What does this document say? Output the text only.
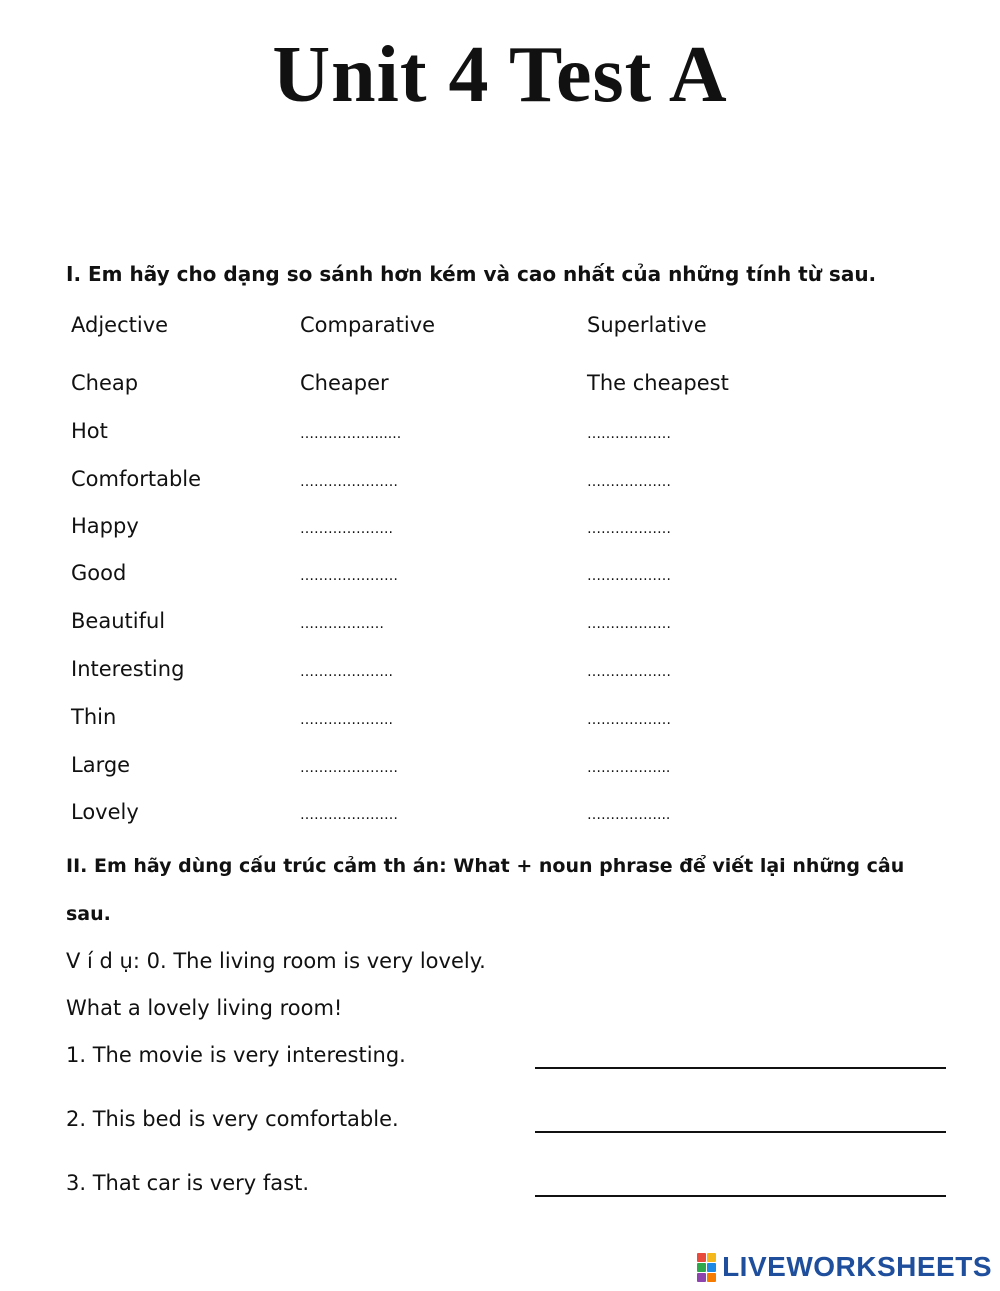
Unit 4 Test A
I. Em hãy cho dạng so sánh hơn kém và cao nhất của những tính từ sau.
Adjective	Comparative	Superlative
Cheap	Cheaper	The cheapest
Hot	…………….......	………………
Comfortable	…………………	………………
Happy	………………..	………………
Good	…………………	………………
Beautiful	………………	………………
Interesting	………………..	………………
Thin	………………..	………………
Large	…………………	……………...
Lovely	…………………	……………...
II. Em hãy dùng cấu trúc cảm th án: What + noun phrase để viết lại những câu
sau.
V í d ụ: 0. The living room is very lovely.
What a lovely living room!
1. The movie is very interesting.
2. This bed is very comfortable.
3. That car is very fast.
LIVEWORKSHEETS
